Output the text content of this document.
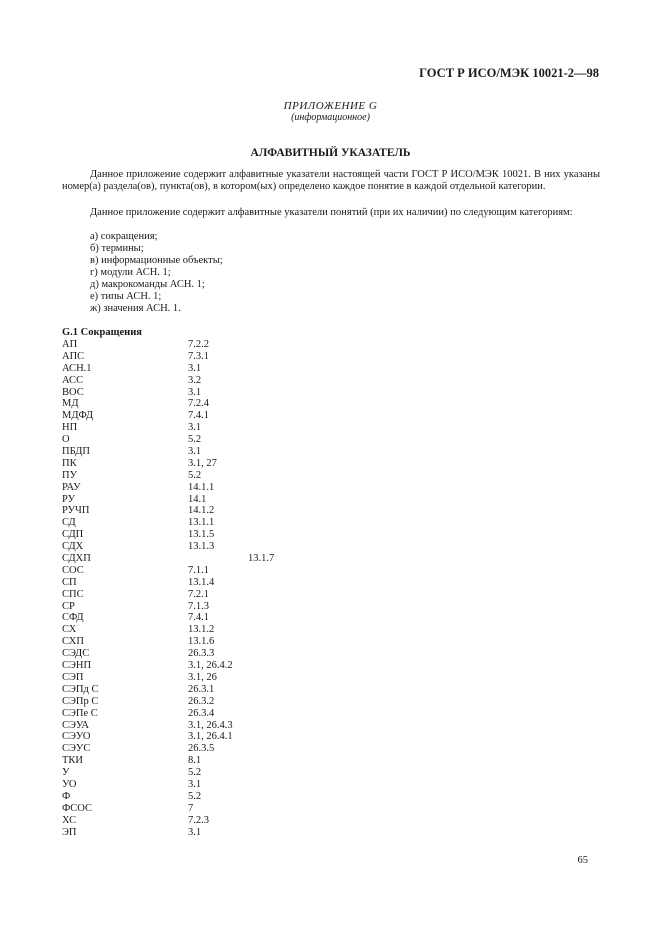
ГОСТ Р ИСО/МЭК 10021-2—98
ПРИЛОЖЕНИЕ G
(информационное)
АЛФАВИТНЫЙ УКАЗАТЕЛЬ

Данное приложение содержит алфавитные указатели настоящей части ГОСТ Р ИСО/МЭК 10021. В них указаны номер(а) раздела(ов), пункта(ов), в котором(ых) определено каждое понятие в каждой отдельной категории.

Данное приложение содержит алфавитные указатели понятий (при их наличии) по следующим категориям:

а) сокращения;
б) термины;
в) информационные объекты;
г) модули АСН. 1;
д) макрокоманды АСН. 1;
е) типы АСН. 1;
ж) значения АСН. 1.
G.1 Сокращения
АП	7.2.2
АПС	7.3.1
АСН.1	3.1
АСС	3.2
ВОС	3.1
МД	7.2.4
МДФД	7.4.1
НП	3.1
О	5.2
ПБДП	3.1
ПК	3.1, 27
ПУ	5.2
РАУ	14.1.1
РУ	14.1
РУЧП	14.1.2
СД	13.1.1
СДП	13.1.5
СДХ	13.1.3
СДХП	13.1.7
СОС	7.1.1
СП	13.1.4
СПС	7.2.1
СР	7.1.3
СФД	7.4.1
СХ	13.1.2
СХП	13.1.6
СЭДС	26.3.3
СЭНП	3.1, 26.4.2
СЭП	3.1, 26
СЭПд С	26.3.1
СЭПр С	26.3.2
СЭПе С	26.3.4
СЭУА	3.1, 26.4.3
СЭУО	3.1, 26.4.1
СЭУС	26.3.5
ТКИ	8.1
У	5.2
УО	3.1
Ф	5.2
ФСОС	7
ХС	7.2.3
ЭП	3.1
65
